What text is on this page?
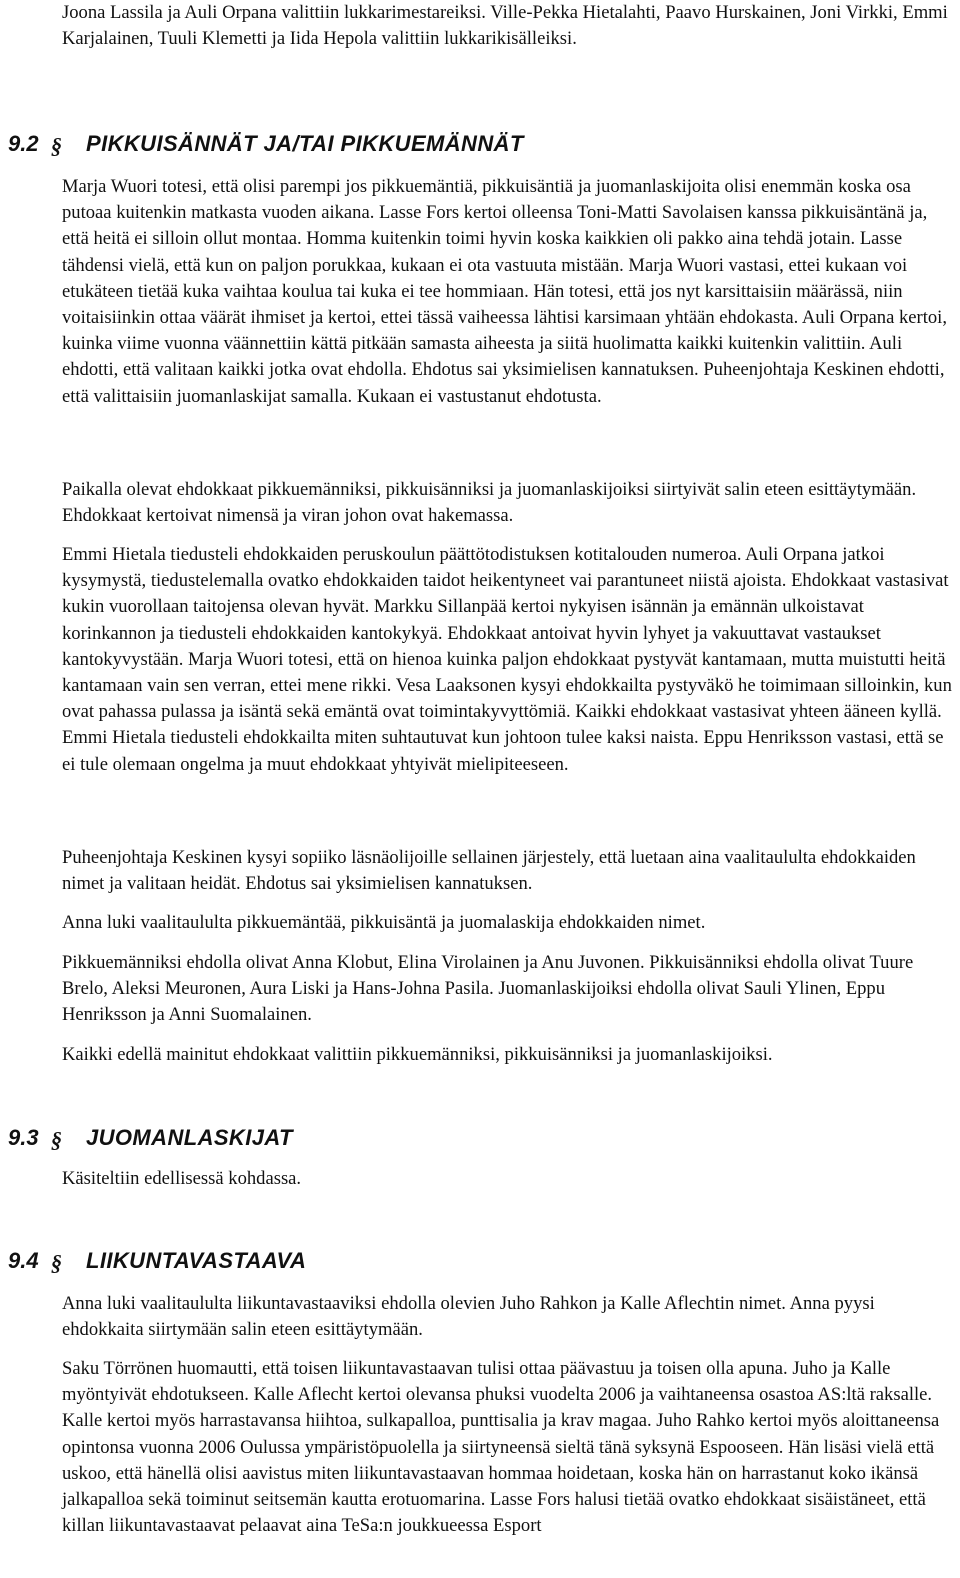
Joona Lassila ja Auli Orpana valittiin lukkarimestareiksi. Ville-Pekka Hietalahti, Paavo Hurskainen, Joni Virkki, Emmi Karjalainen, Tuuli Klemetti ja Iida Hepola valittiin lukkarikisälleiksi.

9.2 § PIKKUISÄNNÄT JA/TAI PIKKUEMÄNNÄT

Marja Wuori totesi, että olisi parempi jos pikkuemäntiä, pikkuisäntiä ja juomanlaskijoita olisi enemmän koska osa putoaa kuitenkin matkasta vuoden aikana. Lasse Fors kertoi olleensa Toni-Matti Savolaisen kanssa pikkuisäntänä ja, että heitä ei silloin ollut montaa. Homma kuitenkin toimi hyvin koska kaikkien oli pakko aina tehdä jotain. Lasse tähdensi vielä, että kun on paljon porukkaa, kukaan ei ota vastuuta mistään. Marja Wuori vastasi, ettei kukaan voi etukäteen tietää kuka vaihtaa koulua tai kuka ei tee hommiaan. Hän totesi, että jos nyt karsittaisiin määrässä, niin voitaisiinkin ottaa väärät ihmiset ja kertoi, ettei tässä vaiheessa lähtisi karsimaan yhtään ehdokasta. Auli Orpana kertoi, kuinka viime vuonna väännettiin kättä pitkään samasta aiheesta ja siitä huolimatta kaikki kuitenkin valittiin. Auli ehdotti, että valitaan kaikki jotka ovat ehdolla. Ehdotus sai yksimielisen kannatuksen. Puheenjohtaja Keskinen ehdotti, että valittaisiin juomanlaskijat samalla. Kukaan ei vastustanut ehdotusta.

Paikalla olevat ehdokkaat pikkuemänniksi, pikkuisänniksi ja juomanlaskijoiksi siirtyivät salin eteen esittäytymään. Ehdokkaat kertoivat nimensä ja viran johon ovat hakemassa.

Emmi Hietala tiedusteli ehdokkaiden peruskoulun päättötodistuksen kotitalouden numeroa. Auli Orpana jatkoi kysymystä, tiedustelemalla ovatko ehdokkaiden taidot heikentyneet vai parantuneet niistä ajoista. Ehdokkaat vastasivat kukin vuorollaan taitojensa olevan hyvät. Markku Sillanpää kertoi nykyisen isännän ja emännän ulkoistavat korinkannon ja tiedusteli ehdokkaiden kantokykyä. Ehdokkaat antoivat hyvin lyhyet ja vakuuttavat vastaukset kantokyvystään. Marja Wuori totesi, että on hienoa kuinka paljon ehdokkaat pystyvät kantamaan, mutta muistutti heitä kantamaan vain sen verran, ettei mene rikki. Vesa Laaksonen kysyi ehdokkailta pystyväkö he toimimaan silloinkin, kun ovat pahassa pulassa ja isäntä sekä emäntä ovat toimintakyvyttömiä. Kaikki ehdokkaat vastasivat yhteen ääneen kyllä. Emmi Hietala tiedusteli ehdokkailta miten suhtautuvat kun johtoon tulee kaksi naista. Eppu Henriksson vastasi, että se ei tule olemaan ongelma ja muut ehdokkaat yhtyivät mielipiteeseen.

Puheenjohtaja Keskinen kysyi sopiiko läsnäolijoille sellainen järjestely, että luetaan aina vaalitaululta ehdokkaiden nimet ja valitaan heidät. Ehdotus sai yksimielisen kannatuksen.

Anna luki vaalitaululta pikkuemäntää, pikkuisäntä ja juomalaskija ehdokkaiden nimet.

Pikkuemänniksi ehdolla olivat Anna Klobut, Elina Virolainen ja Anu Juvonen. Pikkuisänniksi ehdolla olivat Tuure Brelo, Aleksi Meuronen, Aura Liski ja Hans-Johna Pasila. Juomanlaskijoiksi ehdolla olivat Sauli Ylinen, Eppu Henriksson ja Anni Suomalainen.

Kaikki edellä mainitut ehdokkaat valittiin pikkuemänniksi, pikkuisänniksi ja juomanlaskijoiksi.

9.3 § JUOMANLASKIJAT

Käsiteltiin edellisessä kohdassa.

9.4 § LIIKUNTAVASTAAVA

Anna luki vaalitaululta liikuntavastaaviksi ehdolla olevien Juho Rahkon ja Kalle Aflechtin nimet. Anna pyysi ehdokkaita siirtymään salin eteen esittäytymään.

Saku Törrönen huomautti, että toisen liikuntavastaavan tulisi ottaa päävastuu ja toisen olla apuna. Juho ja Kalle myöntyivät ehdotukseen. Kalle Aflecht kertoi olevansa phuksi vuodelta 2006 ja vaihtaneensa osastoa AS:ltä raksalle. Kalle kertoi myös harrastavansa hiihtoa, sulkapalloa, punttisalia ja krav magaa. Juho Rahko kertoi myös aloittaneensa opintonsa vuonna 2006 Oulussa ympäristöpuolella ja siirtyneensä sieltä tänä syksynä Espooseen. Hän lisäsi vielä että uskoo, että hänellä olisi aavistus miten liikuntavastaavan hommaa hoidetaan, koska hän on harrastanut koko ikänsä jalkapalloa sekä toiminut seitsemän kautta erotuomarina. Lasse Fors halusi tietää ovatko ehdokkaat sisäistäneet, että killan liikuntavastaavat pelaavat aina TeSa:n joukkueessa Esport
